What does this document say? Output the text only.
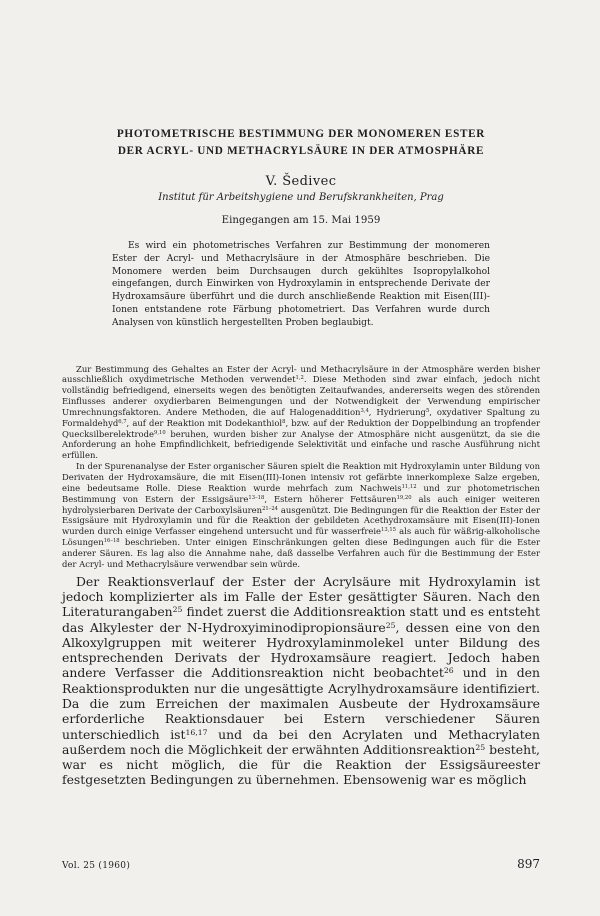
PHOTOMETRISCHE BESTIMMUNG DER MONOMEREN ESTER
DER ACRYL- UND METHACRYLSÄURE IN DER ATMOSPHÄRE
V. Šedivec
Institut für Arbeitshygiene und Berufskrankheiten, Prag
Eingegangen am 15. Mai 1959
Es wird ein photometrisches Verfahren zur Bestimmung der monomeren Ester der Acryl- und Methacrylsäure in der Atmosphäre beschrieben. Die Monomere werden beim Durchsaugen durch gekühltes Isopropylalkohol eingefangen, durch Einwirken von Hydroxylamin in entsprechende Derivate der Hydroxamsäure überführt und die durch anschließende Reaktion mit Eisen(III)-Ionen entstandene rote Färbung photometriert. Das Verfahren wurde durch Analysen von künstlich hergestellten Proben beglaubigt.

Zur Bestimmung des Gehaltes an Ester der Acryl- und Methacrylsäure in der Atmosphäre werden bisher ausschließlich oxydimetrische Methoden verwendet$^{1,2}$. Diese Methoden sind zwar einfach, jedoch nicht vollständig befriedigend, einerseits wegen des benötigten Zeitaufwandes, andererseits wegen des störenden Einflusses anderer oxydierbaren Beimengungen und der Notwendigkeit der Verwendung empirischer Umrechnungsfaktoren. Andere Methoden, die auf Halogenaddition$^{3,4}$, Hydrierung$^5$, oxydativer Spaltung zu Formaldehyd$^{6,7}$, auf der Reaktion mit Dodekanthiol$^8$, bzw. auf der Reduktion der Doppelbindung an tropfender Quecksilberelektrode$^{9,10}$ beruhen, wurden bisher zur Analyse der Atmosphäre nicht ausgenützt, da sie die Anforderung an hohe Empfindlichkeit, befriedigende Selektivität und einfache und rasche Ausführung nicht erfüllen.

In der Spurenanalyse der Ester organischer Säuren spielt die Reaktion mit Hydroxylamin unter Bildung von Derivaten der Hydroxamsäure, die mit Eisen(III)-Ionen intensiv rot gefärbte innerkomplexe Salze ergeben, eine bedeutsame Rolle. Diese Reaktion wurde mehrfach zum Nachweis$^{11,12}$ und zur photometrischen Bestimmung von Estern der Essigsäure$^{13-18}$, Estern höherer Fettsäuren$^{19,20}$ als auch einiger weiteren hydrolysierbaren Derivate der Carboxylsäuren$^{21-24}$ ausgenützt. Die Bedingungen für die Reaktion der Ester der Essigsäure mit Hydroxylamin und für die Reaktion der gebildeten Acethydroxamsäure mit Eisen(III)-Ionen wurden durch einige Verfasser eingehend untersucht und für wasserfreie$^{13,15}$ als auch für wäßrig-alkoholische Lösungen$^{16-18}$ beschrieben. Unter einigen Einschränkungen gelten diese Bedingungen auch für die Ester anderer Säuren. Es lag also die Annahme nahe, daß dasselbe Verfahren auch für die Bestimmung der Ester der Acryl- und Methacrylsäure verwendbar sein würde.

Der Reaktionsverlauf der Ester der Acrylsäure mit Hydroxylamin ist jedoch komplizierter als im Falle der Ester gesättigter Säuren. Nach den Literaturangaben$^{25}$ findet zuerst die Additionsreaktion statt und es entsteht das Alkylester der N-Hydroxyiminodipropionsäure$^{25}$, dessen eine von den Alkoxylgruppen mit weiterer Hydroxylaminmolekel unter Bildung des entsprechenden Derivats der Hydroxamsäure reagiert. Jedoch haben andere Verfasser die Additionsreaktion nicht beobachtet$^{26}$ und in den Reaktionsprodukten nur die ungesättigte Acrylhydroxamsäure identifiziert. Da die zum Erreichen der maximalen Ausbeute der Hydroxamsäure erforderliche Reaktionsdauer bei Estern verschiedener Säuren unterschiedlich ist$^{16,17}$ und da bei den Acrylaten und Methacrylaten außerdem noch die Möglichkeit der erwähnten Additionsreaktion$^{25}$ besteht, war es nicht möglich, die für die Reaktion der Essigsäureester festgesetzten Bedingungen zu übernehmen. Ebensowenig war es möglich

Vol. 25 (1960)	897
